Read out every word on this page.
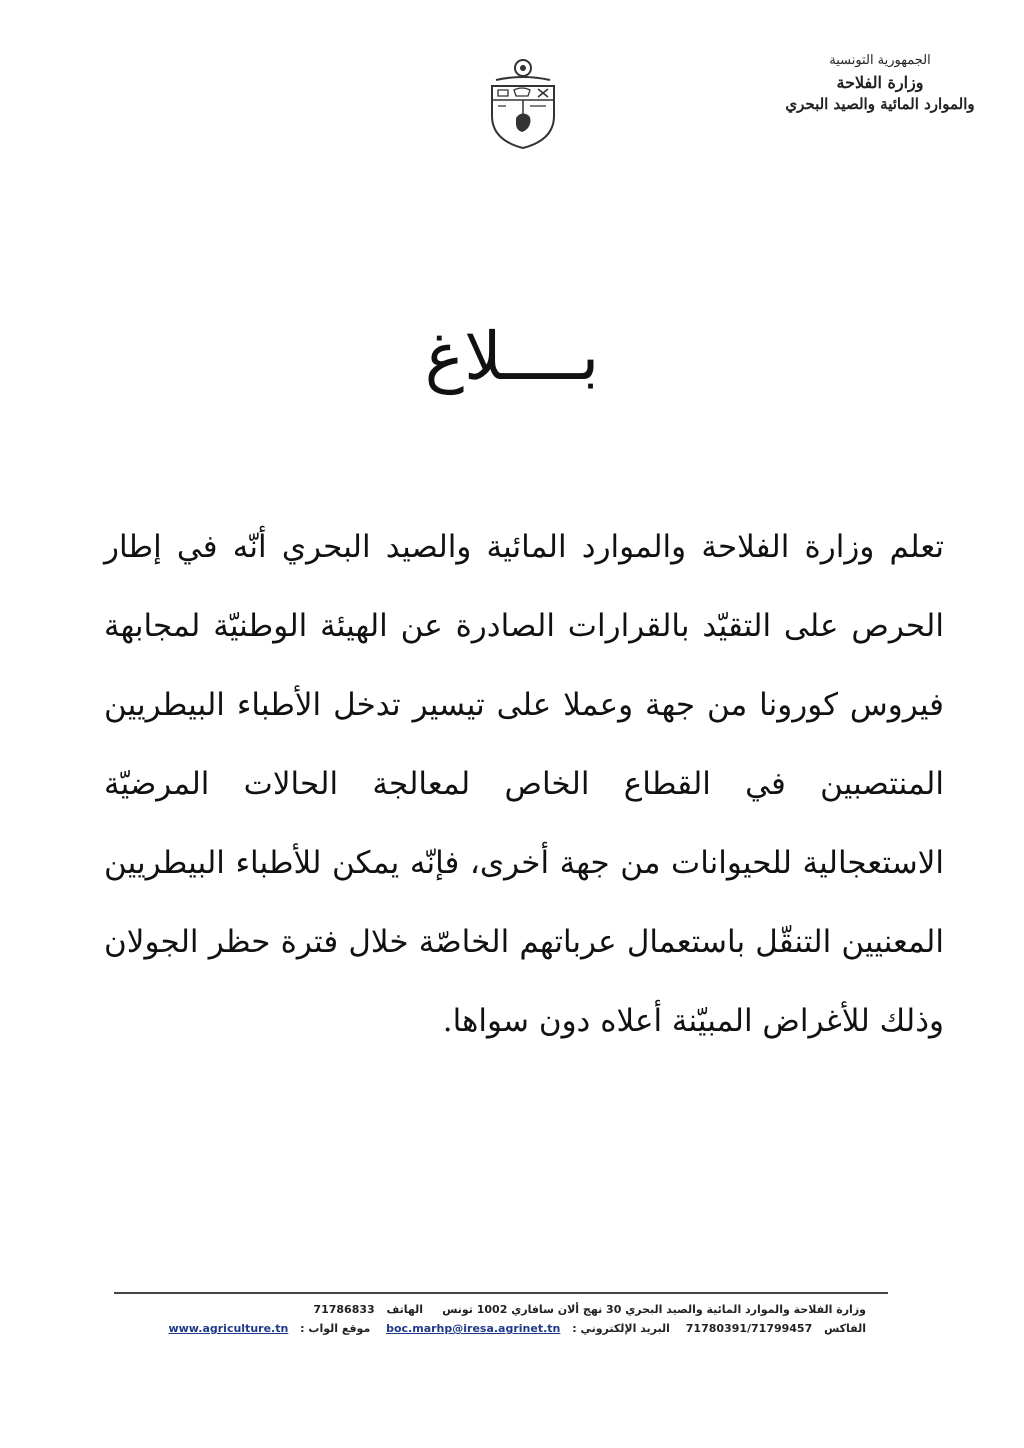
الجمهورية التونسية
وزارة الفلاحة
والموارد المائية والصيد البحري
بــــلاغ
تعلم وزارة الفلاحة والموارد المائية والصيد البحري أنّه في إطار الحرص على التقيّد بالقرارات الصادرة عن الهيئة الوطنيّة لمجابهة فيروس كورونا من جهة وعملا على تيسير تدخل الأطباء البيطريين المنتصبين في القطاع الخاص لمعالجة الحالات المرضيّة الاستعجالية للحيوانات من جهة أخرى، فإنّه يمكن للأطباء البيطريين المعنيين التنقّل باستعمال عرباتهم الخاصّة خلال فترة حظر الجولان وذلك للأغراض المبيّنة أعلاه دون سواها.
وزارة الفلاحة والموارد المائية والصيد البحري 30 نهج ألان سافاري 1002 تونس     الهاتف 71786833
الفاكس 71780391/71799457 البريد الإلكتروني : boc.marhp@iresa.agrinet.tn موقع الواب : www.agriculture.tn
